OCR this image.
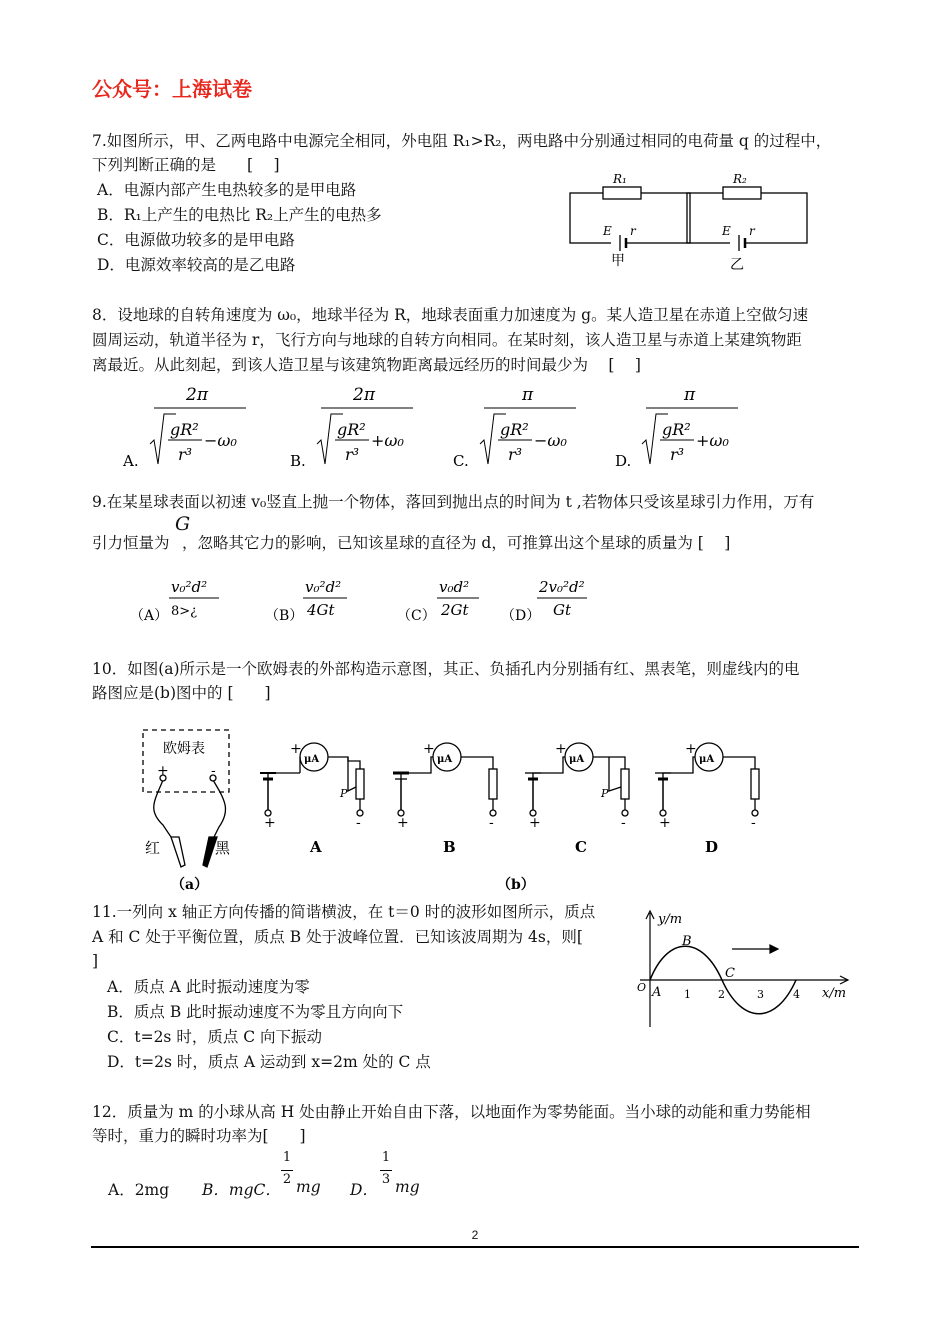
公众号：上海试卷
7.如图所示，甲、乙两电路中电源完全相同，外电阻 R₁>R₂，两电路中分别通过相同的电荷量 q 的过程中，
下列判断正确的是　　[　 ]
A．电源内部产生电热较多的是甲电路
B．R₁上产生的电热比 R₂上产生的电热多
C．电源做功较多的是甲电路
D．电源效率较高的是乙电路
R₁	R₂
E r	E r
甲	乙
8．设地球的自转角速度为 ω₀，地球半径为 R，地球表面重力加速度为 g。某人造卫星在赤道上空做匀速
圆周运动，轨道半径为 r，飞行方向与地球的自转方向相同。在某时刻，该人造卫星与赤道上某建筑物距
离最近。从此刻起，到该人造卫星与该建筑物距离最远经历的时间最少为　 [　 ]
A.
2π
gR²
r³
−ω₀
B.
2π
gR²
r³
+ω₀
C.
π
gR²
r³
−ω₀
D.
π
gR²
r³
+ω₀
9.在某星球表面以初速 v₀竖直上抛一个物体，落回到抛出点的时间为 t ,若物体只受该星球引力作用，万有
G
引力恒量为 ，忽略其它力的影响，已知该星球的直径为 d，可推算出这个星球的质量为 [　 ]
（A）
v₀²d²
8>¿	（B）
v₀²d²
4Gt	（C）
v₀d²
2Gt （D）
2v₀²d²
Gt
10．如图(a)所示是一个欧姆表的外部构造示意图，其正、负插孔内分别插有红、黑表笔，则虚线内的电
路图应是(b)图中的 [　　]
欧姆表
+	-
红	黑
（a）
μA
+
P
+	-
A
μA
+
+	-
B
μA
+
P
+	-
C
μA
+
+	-
D
（b）
11.一列向 x 轴正方向传播的简谐横波，在 t＝0 时的波形如图所示，质点
A 和 C 处于平衡位置，质点 B 处于波峰位置．已知该波周期为 4s，则[
]
A．质点 A 此时振动速度为零
B．质点 B 此时振动速度不为零且方向向下
C．t=2s 时，质点 C 向下振动
D．t=2s 时，质点 A 运动到 x=2m 处的 C 点
y/m
x/m
O A
B
C
1 2	3	4
12．质量为 m 的小球从高 H 处由静止开始自由下落，以地面作为零势能面。当小球的动能和重力势能相
等时，重力的瞬时功率为[　　]
A．2mg B．mgC．
1
2 mg D．
1
3 mg
2
